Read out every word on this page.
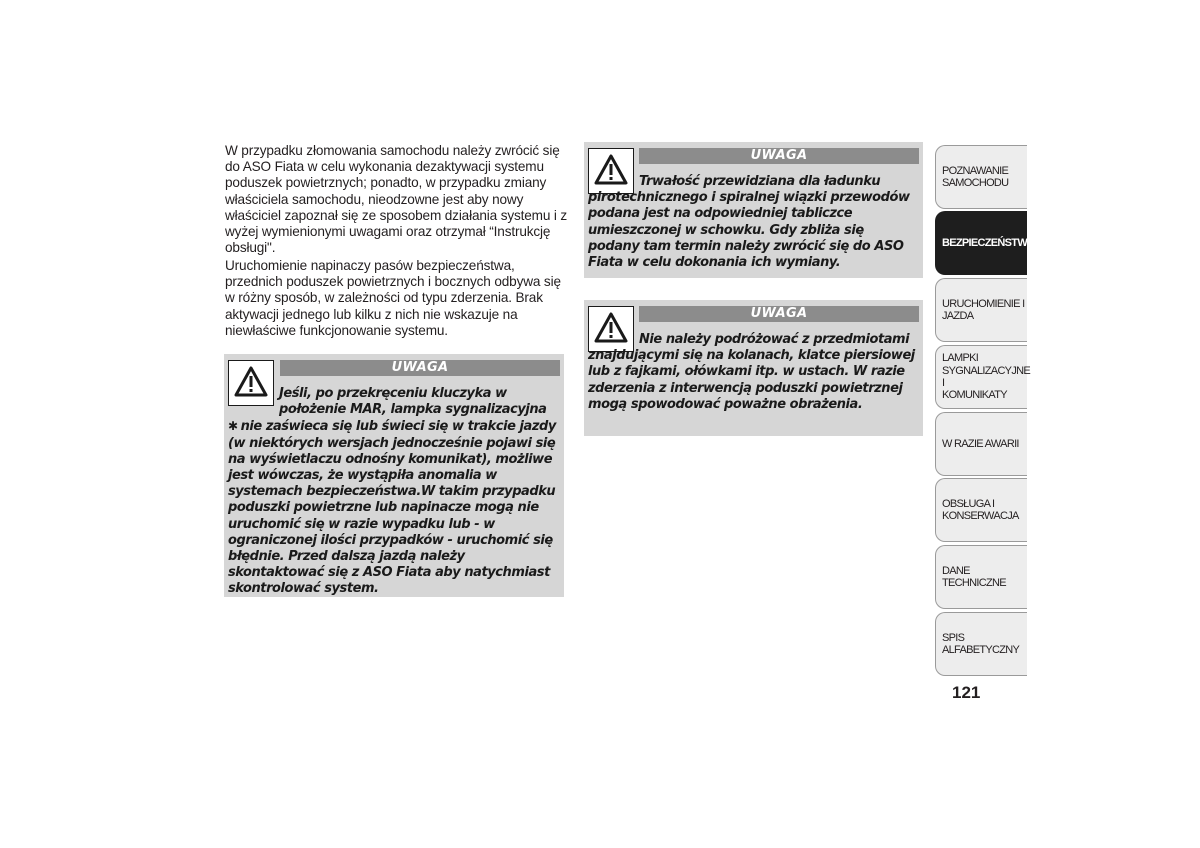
W przypadku złomowania samochodu należy zwrócić się do ASO Fiata w celu wykonania dezaktywacji systemu poduszek powietrznych; ponadto, w przypadku zmiany właściciela samochodu, nieodzowne jest aby nowy właściciel zapoznał się ze sposobem działania systemu i z wyżej wymienionymi uwagami oraz otrzymał “Instrukcję obsługi".

Uruchomienie napinaczy pasów bezpieczeństwa, przednich poduszek powietrznych i bocznych odbywa się w różny sposób, w zależności od typu zderzenia. Brak aktywacji jednego lub kilku z nich nie wskazuje na niewłaściwe funkcjonowanie systemu.

UWAGA

Jeśli, po przekręceniu kluczyka w położenie MAR, lampka sygnalizacyjna
✱ nie zaświeca się lub świeci się w trakcie jazdy (w niektórych wersjach jednocześnie pojawi się na wyświetlaczu odnośny komunikat), możliwe jest wówczas, że wystąpiła anomalia w systemach bezpieczeństwa.W takim przypadku poduszki powietrzne lub napinacze mogą nie uruchomić się w razie wypadku lub - w ograniczonej ilości przypadków - uruchomić się błędnie. Przed dalszą jazdą należy skontaktować się z ASO Fiata aby natychmiast skontrolować system.

UWAGA

Trwałość przewidziana dla ładunku pirotechnicznego i spiralnej wiązki przewodów podana jest na odpowiedniej tabliczce umieszczonej w schowku. Gdy zbliża się podany tam termin należy zwrócić się do ASO Fiata w celu dokonania ich wymiany.

UWAGA

Nie należy podróżować z przedmiotami znajdującymi się na kolanach, klatce piersiowej lub z fajkami, ołówkami itp. w ustach. W razie zderzenia z interwencją poduszki powietrznej mogą spowodować poważne obrażenia.

POZNAWANIE
SAMOCHODU
BEZPIECZEŃSTWO
URUCHOMIENIE I
JAZDA
LAMPKI
SYGNALIZACYJNE I
KOMUNIKATY
W RAZIE AWARII
OBSŁUGA I
KONSERWACJA
DANE TECHNICZNE
SPIS ALFABETYCZNY
121
